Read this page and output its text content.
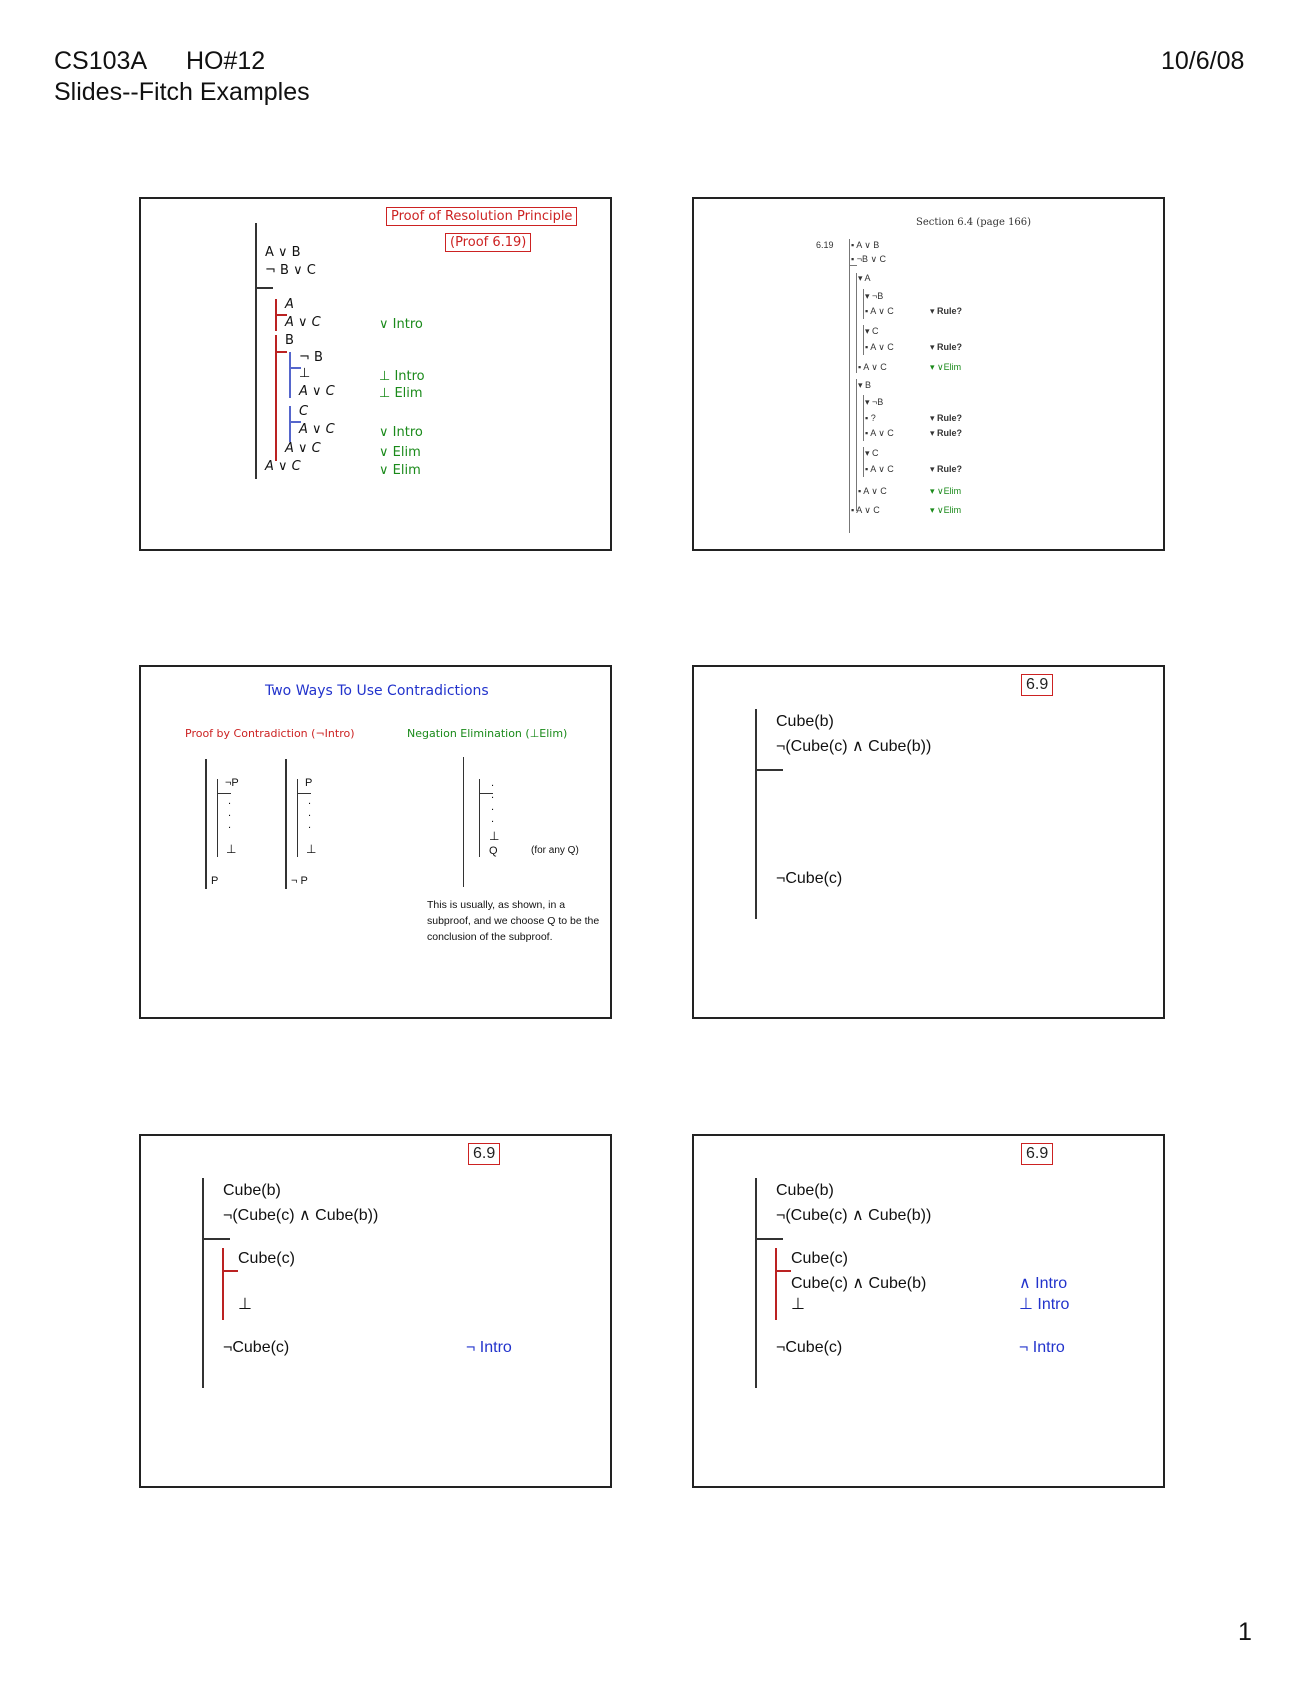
CS103A HO#12
Slides--Fitch Examples
10/6/08
Proof of Resolution Principle
(Proof 6.19)
A ∨ B
¬ B ∨ C
A
A ∨ C	∨ Intro
B
¬ B
⊥	⊥ Intro
A ∨ C	⊥ Elim
C
A ∨ C	∨ Intro
A ∨ C	∨ Elim
A ∨ C	∨ Elim
Section 6.4 (page 166)
6.19 ▪ A ∨ B
▪ ¬B ∨ C
▾ A
▾ ¬B
▪ A ∨ C	▾ Rule?
▾ C
▪ A ∨ C	▾ Rule?
▪ A ∨ C	▾ ∨Elim
▾ B
▾ ¬B
▪ ?	▾ Rule?
▪ A ∨ C	▾ Rule?
▾ C
▪ A ∨ C	▾ Rule?
▪ A ∨ C	▾ ∨Elim
▪ A ∨ C	▾ ∨Elim
Two Ways To Use Contradictions
Proof by Contradiction (¬Intro)	Negation Elimination (⊥Elim)
¬P
.
.
.
⊥
P
P
.
.
.
⊥
¬ P
.
.
.
.
⊥
Q	(for any Q)
This is usually, as shown, in a subproof, and we choose Q to be the conclusion of the subproof.
6.9
Cube(b)
¬(Cube(c) ∧ Cube(b))
¬Cube(c)
6.9
Cube(b)
¬(Cube(c) ∧ Cube(b))
Cube(c)
⊥
¬Cube(c)	¬ Intro
6.9
Cube(b)
¬(Cube(c) ∧ Cube(b))
Cube(c)
Cube(c) ∧ Cube(b)	∧ Intro
⊥	⊥ Intro
¬Cube(c)	¬ Intro
1
